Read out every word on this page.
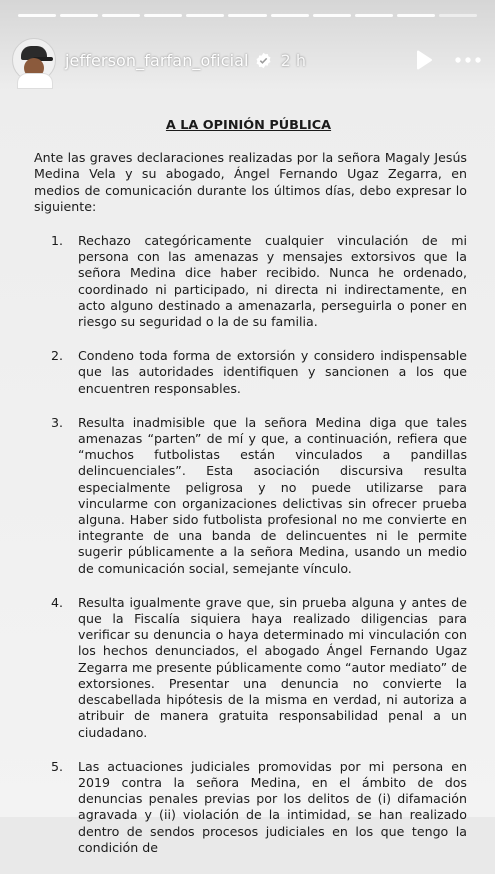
jefferson_farfan_oficial 2 h
A LA OPINIÓN PÚBLICA

Ante las graves declaraciones realizadas por la señora Magaly Jesús Medina Vela y su abogado, Ángel Fernando Ugaz Zegarra, en medios de comunicación durante los últimos días, debo expresar lo siguiente:

1.	Rechazo categóricamente cualquier vinculación de mi persona con las amenazas y mensajes extorsivos que la señora Medina dice haber recibido. Nunca he ordenado, coordinado ni participado, ni directa ni indirectamente, en acto alguno destinado a amenazarla, perseguirla o poner en riesgo su seguridad o la de su familia.
2.	Condeno toda forma de extorsión y considero indispensable que las autoridades identifiquen y sancionen a los que encuentren responsables.
3.	Resulta inadmisible que la señora Medina diga que tales amenazas “parten” de mí y que, a continuación, refiera que “muchos futbolistas están vinculados a pandillas delincuenciales”. Esta asociación discursiva resulta especialmente peligrosa y no puede utilizarse para vincularme con organizaciones delictivas sin ofrecer prueba alguna. Haber sido futbolista profesional no me convierte en integrante de una banda de delincuentes ni le permite sugerir públicamente a la señora Medina, usando un medio de comunicación social, semejante vínculo.
4.	Resulta igualmente grave que, sin prueba alguna y antes de que la Fiscalía siquiera haya realizado diligencias para verificar su denuncia o haya determinado mi vinculación con los hechos denunciados, el abogado Ángel Fernando Ugaz Zegarra me presente públicamente como “autor mediato” de extorsiones. Presentar una denuncia no convierte la descabellada hipótesis de la misma en verdad, ni autoriza a atribuir de manera gratuita responsabilidad penal a un ciudadano.
5.	Las actuaciones judiciales promovidas por mi persona en 2019 contra la señora Medina, en el ámbito de dos denuncias penales previas por los delitos de (i) difamación agravada y (ii) violación de la intimidad, se han realizado dentro de sendos procesos judiciales en los que tengo la condición de
